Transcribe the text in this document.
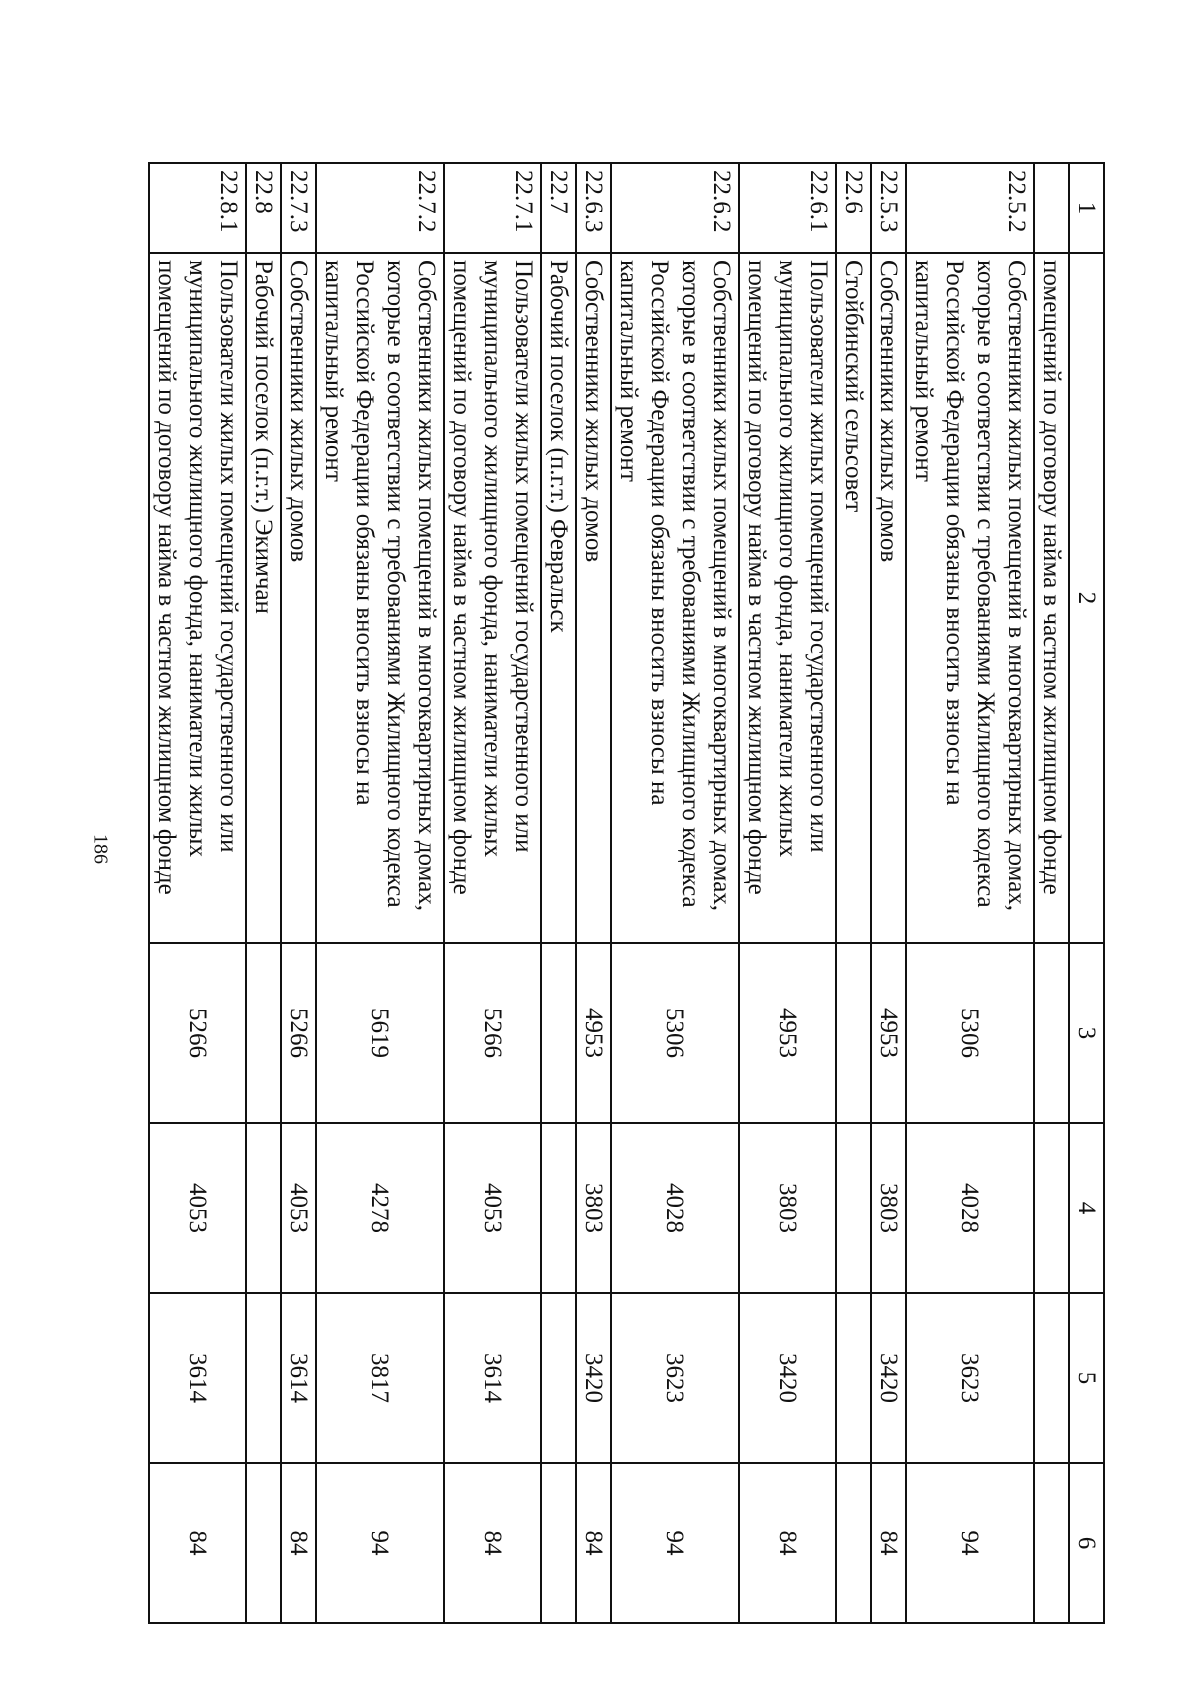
186
1	2	3	4	5	6
	помещений по договору найма в частном жилищном фонде				
22.5.2	Собственники жилых помещений в многоквартирных домах, которые в соответствии с требованиями Жилищного кодекса Российской Федерации обязаны вносить взносы на капитальный ремонт	5306	4028	3623	94
22.5.3	Собственники жилых домов	4953	3803	3420	84
22.6	Стойбинский сельсовет				
22.6.1	Пользователи жилых помещений государственного или муниципального жилищного фонда, наниматели жилых помещений по договору найма в частном жилищном фонде	4953	3803	3420	84
22.6.2	Собственники жилых помещений в многоквартирных домах, которые в соответствии с требованиями Жилищного кодекса Российской Федерации обязаны вносить взносы на капитальный ремонт	5306	4028	3623	94
22.6.3	Собственники жилых домов	4953	3803	3420	84
22.7	Рабочий поселок (п.г.т.) Февральск				
22.7.1	Пользователи жилых помещений государственного или муниципального жилищного фонда, наниматели жилых помещений по договору найма в частном жилищном фонде	5266	4053	3614	84
22.7.2	Собственники жилых помещений в многоквартирных домах, которые в соответствии с требованиями Жилищного кодекса Российской Федерации обязаны вносить взносы на капитальный ремонт	5619	4278	3817	94
22.7.3	Собственники жилых домов	5266	4053	3614	84
22.8	Рабочий поселок (п.г.т.) Экимчан				
22.8.1	Пользователи жилых помещений государственного или муниципального жилищного фонда, наниматели жилых помещений по договору найма в частном жилищном фонде	5266	4053	3614	84
